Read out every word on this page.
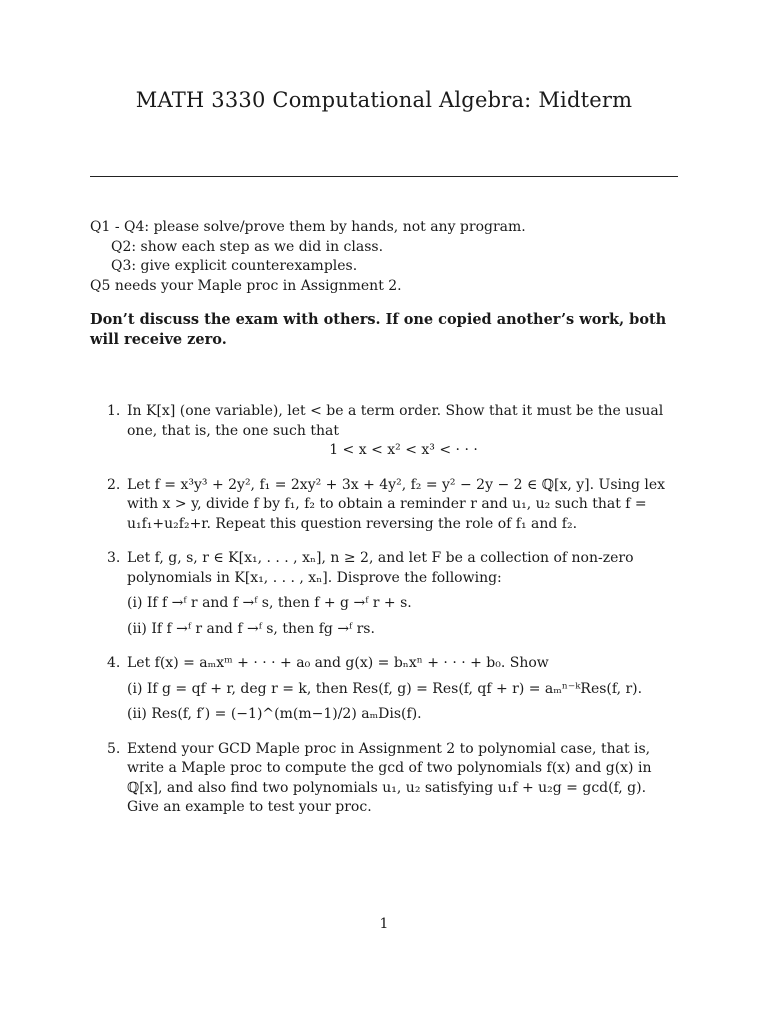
MATH 3330 Computational Algebra: Midterm
Q1 - Q4: please solve/prove them by hands, not any program.
Q2: show each step as we did in class.
Q3: give explicit counterexamples.
Q5 needs your Maple proc in Assignment 2.
Don’t discuss the exam with others. If one copied another’s work, both will receive zero.
1. In K[x] (one variable), let < be a term order. Show that it must be the usual one, that is, the one such that
1 < x < x² < x³ < · · ·
2. Let f = x³y³ + 2y², f₁ = 2xy² + 3x + 4y², f₂ = y² − 2y − 2 ∈ ℚ[x, y]. Using lex with x > y, divide f by f₁, f₂ to obtain a reminder r and u₁, u₂ such that f = u₁f₁+u₂f₂+r. Repeat this question reversing the role of f₁ and f₂.
3. Let f, g, s, r ∈ K[x₁, . . . , xₙ], n ≥ 2, and let F be a collection of non-zero polynomials in K[x₁, . . . , xₙ]. Disprove the following:
(i) If f →ᶠ r and f →ᶠ s, then f + g →ᶠ r + s.
(ii) If f →ᶠ r and f →ᶠ s, then fg →ᶠ rs.
4. Let f(x) = aₘxᵐ + · · · + a₀ and g(x) = bₙxⁿ + · · · + b₀. Show
(i) If g = qf + r, deg r = k, then Res(f, g) = Res(f, qf + r) = aₘⁿ⁻ᵏRes(f, r).
(ii) Res(f, f′) = (−1)^(m(m−1)/2) aₘDis(f).
5. Extend your GCD Maple proc in Assignment 2 to polynomial case, that is, write a Maple proc to compute the gcd of two polynomials f(x) and g(x) in ℚ[x], and also find two polynomials u₁, u₂ satisfying u₁f + u₂g = gcd(f, g). Give an example to test your proc.
1
